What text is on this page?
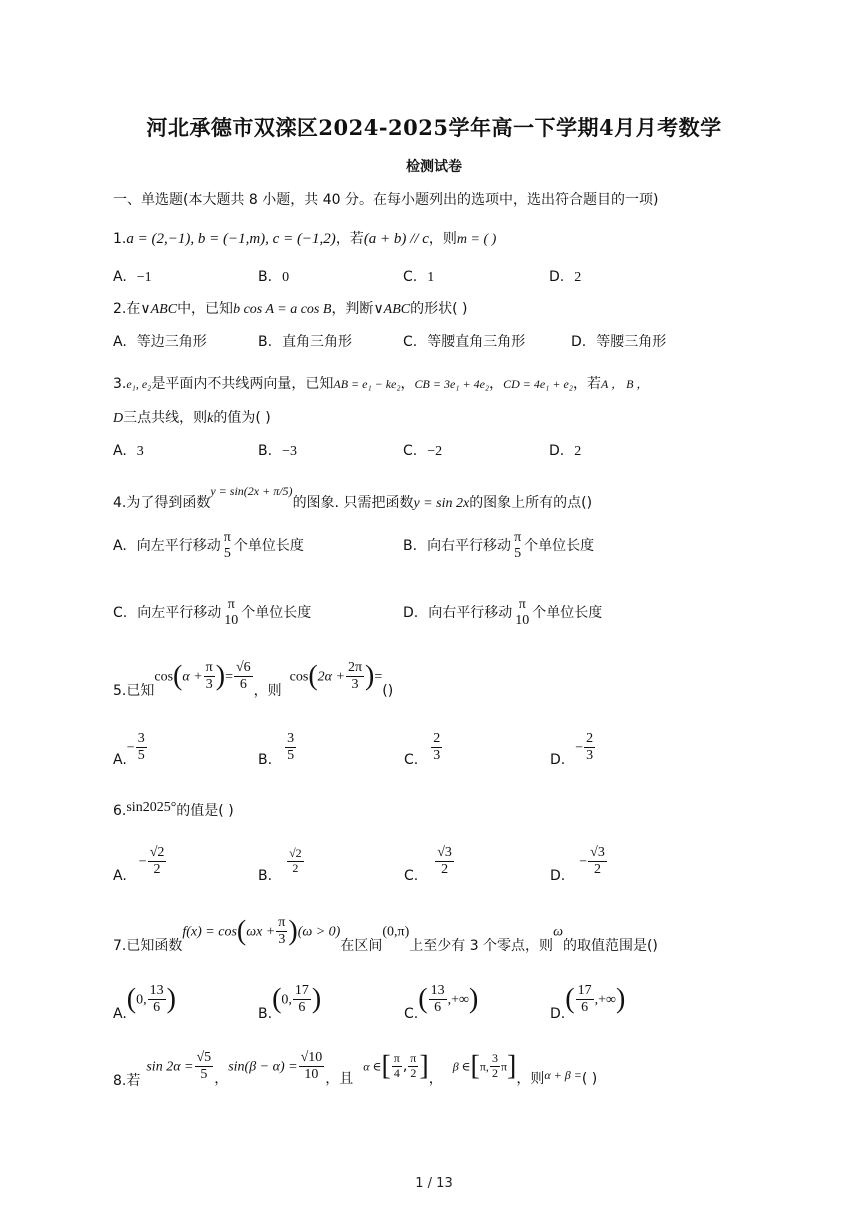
河北承德市双滦区2024-2025学年高一下学期4月月考数学
检测试卷
一、单选题(本大题共 8 小题，共 40 分。在每小题列出的选项中，选出符合题目的一项)
1.a = (2,−1), b = (−1,m), c = (−1,2)，若(a + b) // c，则m = ( )
A. −1	B. 0	C. 1	D. 2
2.在∨ABC中，已知b cos A = a cos B，判断∨ABC的形状( )
A. 等边三角形	B. 直角三角形	C. 等腰直角三角形	D. 等腰三角形
3.e₁, e₂是平面内不共线两向量，已知AB = e₁ − ke₂，CB = 3e₁ + 4e₂，CD = 4e₁ + e₂，若A ， B ，
D三点共线，则k的值为( )
A. 3	B. −3	C. −2	D. 2
4.为了得到函数y = sin(2x + π/5)的图象. 只需把函数y = sin 2x的图象上所有的点()
A. 向左平行移动
π
5 个单位长度	B. 向右平行移动
π
5 个单位长度
C. 向左平行移动
π
10 个单位长度	D. 向右平行移动
π
10 个单位长度
5.已知$\cos(\alpha + \frac{\pi}{3}$ )= $\frac{√6}{6}$ ，则$\cos(2\alpha + \frac{2\pi}{3}$ )=()
$A.- \frac{3}{5}$	B. $\frac{3}{5}$	C. $\frac{2}{3}$	$D.- \frac{2}{3}$
6.sin2025°的值是( )
$A.- \frac{√2}{2}$	B. $\frac{√2}{2}$	C. $\frac{√3}{2}$	$D.- \frac{√3}{2}$
7.已知函数$f(x) = \cos(\omega x + \frac{\pi}{3} )(\omega > 0)$在区间(0,π)上至少有 3 个零点，则ω的取值范围是()
A.(0, $\frac{13}{6}$ )	B.(0, $\frac{17}{6}$ )	$C.( \frac{13}{6}$ ,+∞)	$D.( \frac{17}{6}$ ,+∞)
8.若$\sin 2\alpha = \frac{√5}{5}$ ，$\sin(\beta - \alpha) = \frac{√10}{10}$ ，且α ∈[ $\frac{\pi}{4}$ , $\frac{\pi}{2}$ ]，β ∈[π, $\frac{3}{2} \pi$]，则α + β =( )
1 / 13
